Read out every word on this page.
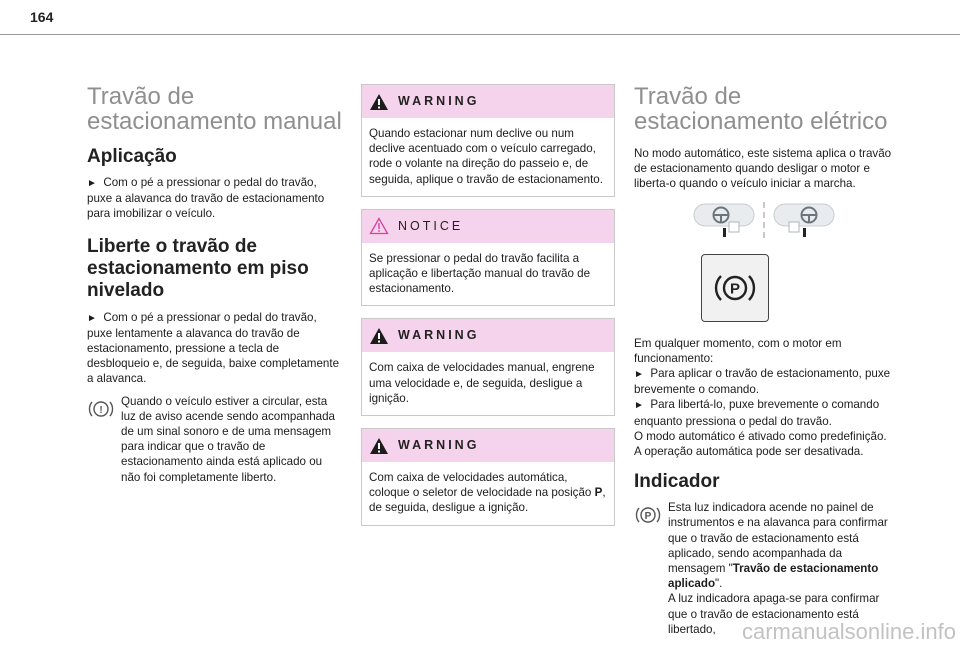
164
Travão de
estacionamento manual
Aplicação

► Com o pé a pressionar o pedal do travão, puxe a alavanca do travão de estacionamento para imobilizar o veículo.

Liberte o travão de estacionamento em piso nivelado

► Com o pé a pressionar o pedal do travão, puxe lentamente a alavanca do travão de estacionamento, pressione a tecla de desbloqueio e, de seguida, baixe completamente a alavanca.

!
Quando o veículo estiver a circular, esta luz de aviso acende sendo acompanhada de um sinal sonoro e de uma mensagem para indicar que o travão de estacionamento ainda está aplicado ou não foi completamente liberto.
WARNING
Quando estacionar num declive ou num declive acentuado com o veículo carregado, rode o volante na direção do passeio e, de seguida, aplique o travão de estacionamento.
NOTICE
Se pressionar o pedal do travão facilita a aplicação e libertação manual do travão de estacionamento.
WARNING
Com caixa de velocidades manual, engrene uma velocidade e, de seguida, desligue a ignição.
WARNING
Com caixa de velocidades automática, coloque o seletor de velocidade na posição P, de seguida, desligue a ignição.
Travão de
estacionamento elétrico

No modo automático, este sistema aplica o travão de estacionamento quando desligar o motor e liberta-o quando o veículo iniciar a marcha.

P

Em qualquer momento, com o motor em funcionamento:

► Para aplicar o travão de estacionamento, puxe brevemente o comando.

► Para libertá-lo, puxe brevemente o comando enquanto pressiona o pedal do travão.

O modo automático é ativado como predefinição.

A operação automática pode ser desativada.

Indicador
P
Esta luz indicadora acende no painel de instrumentos e na alavanca para confirmar que o travão de estacionamento está aplicado, sendo acompanhada da mensagem "Travão de estacionamento aplicado".
A luz indicadora apaga-se para confirmar que o travão de estacionamento está libertado,	carmanualsonline.info
